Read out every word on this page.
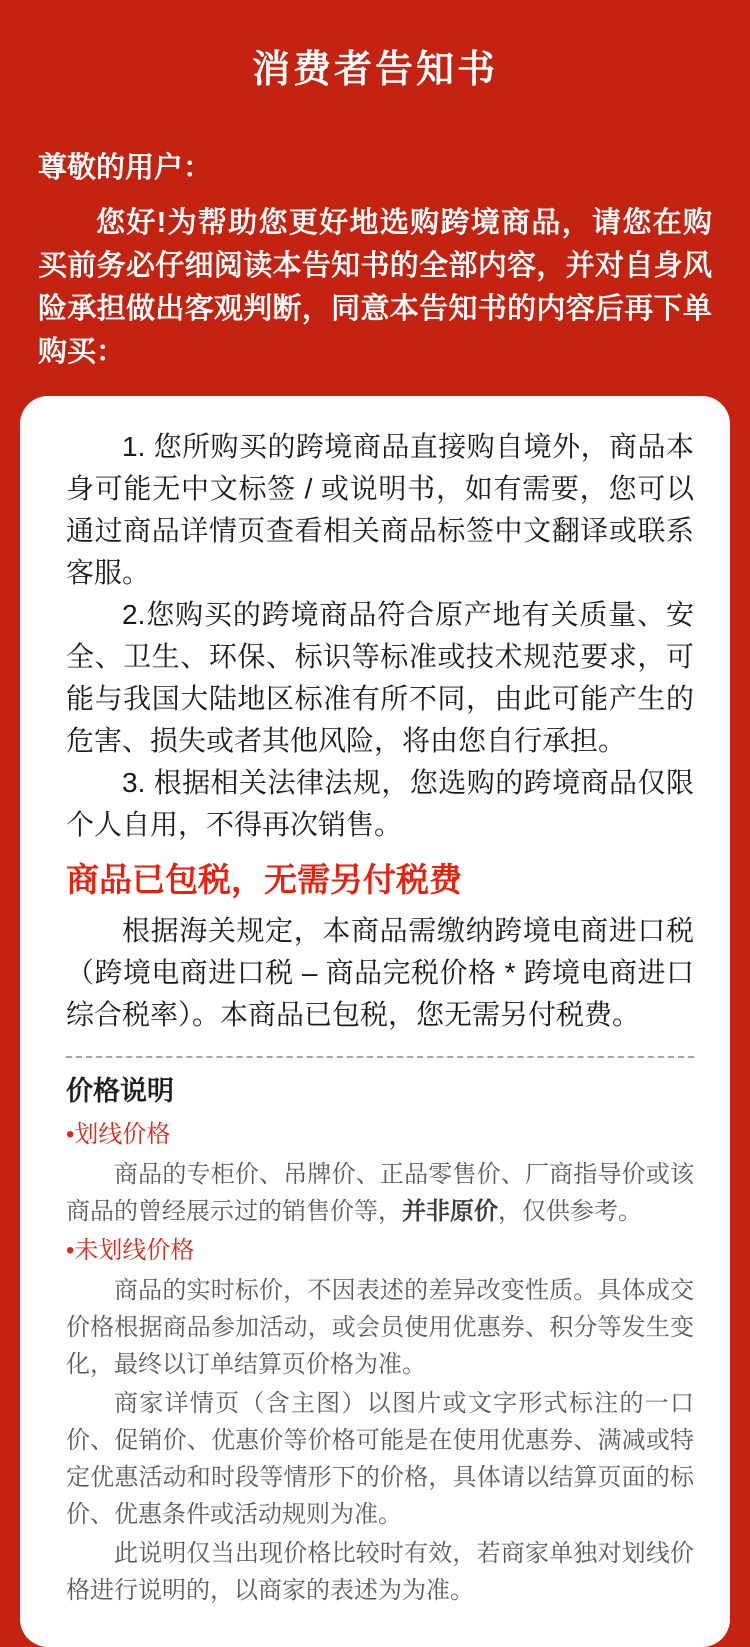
消费者告知书
尊敬的用户：
您好!为帮助您更好地选购跨境商品，请您在购买前务必仔细阅读本告知书的全部内容，并对自身风险承担做出客观判断，同意本告知书的内容后再下单购买：

1. 您所购买的跨境商品直接购自境外，商品本身可能无中文标签 / 或说明书，如有需要，您可以通过商品详情页查看相关商品标签中文翻译或联系客服。

2.您购买的跨境商品符合原产地有关质量、安全、卫生、环保、标识等标准或技术规范要求，可能与我国大陆地区标准有所不同，由此可能产生的危害、损失或者其他风险，将由您自行承担。

3. 根据相关法律法规，您选购的跨境商品仅限个人自用，不得再次销售。

商品已包税，无需另付税费

根据海关规定，本商品需缴纳跨境电商进口税（跨境电商进口税 – 商品完税价格 * 跨境电商进口综合税率）。本商品已包税，您无需另付税费。

价格说明
•划线价格

商品的专柜价、吊牌价、正品零售价、厂商指导价或该商品的曾经展示过的销售价等，并非原价，仅供参考。

•未划线价格

商品的实时标价，不因表述的差异改变性质。具体成交价格根据商品参加活动，或会员使用优惠券、积分等发生变化，最终以订单结算页价格为准。

商家详情页（含主图）以图片或文字形式标注的一口价、促销价、优惠价等价格可能是在使用优惠券、满减或特定优惠活动和时段等情形下的价格，具体请以结算页面的标价、优惠条件或活动规则为准。

此说明仅当出现价格比较时有效，若商家单独对划线价格进行说明的，以商家的表述为为准。
